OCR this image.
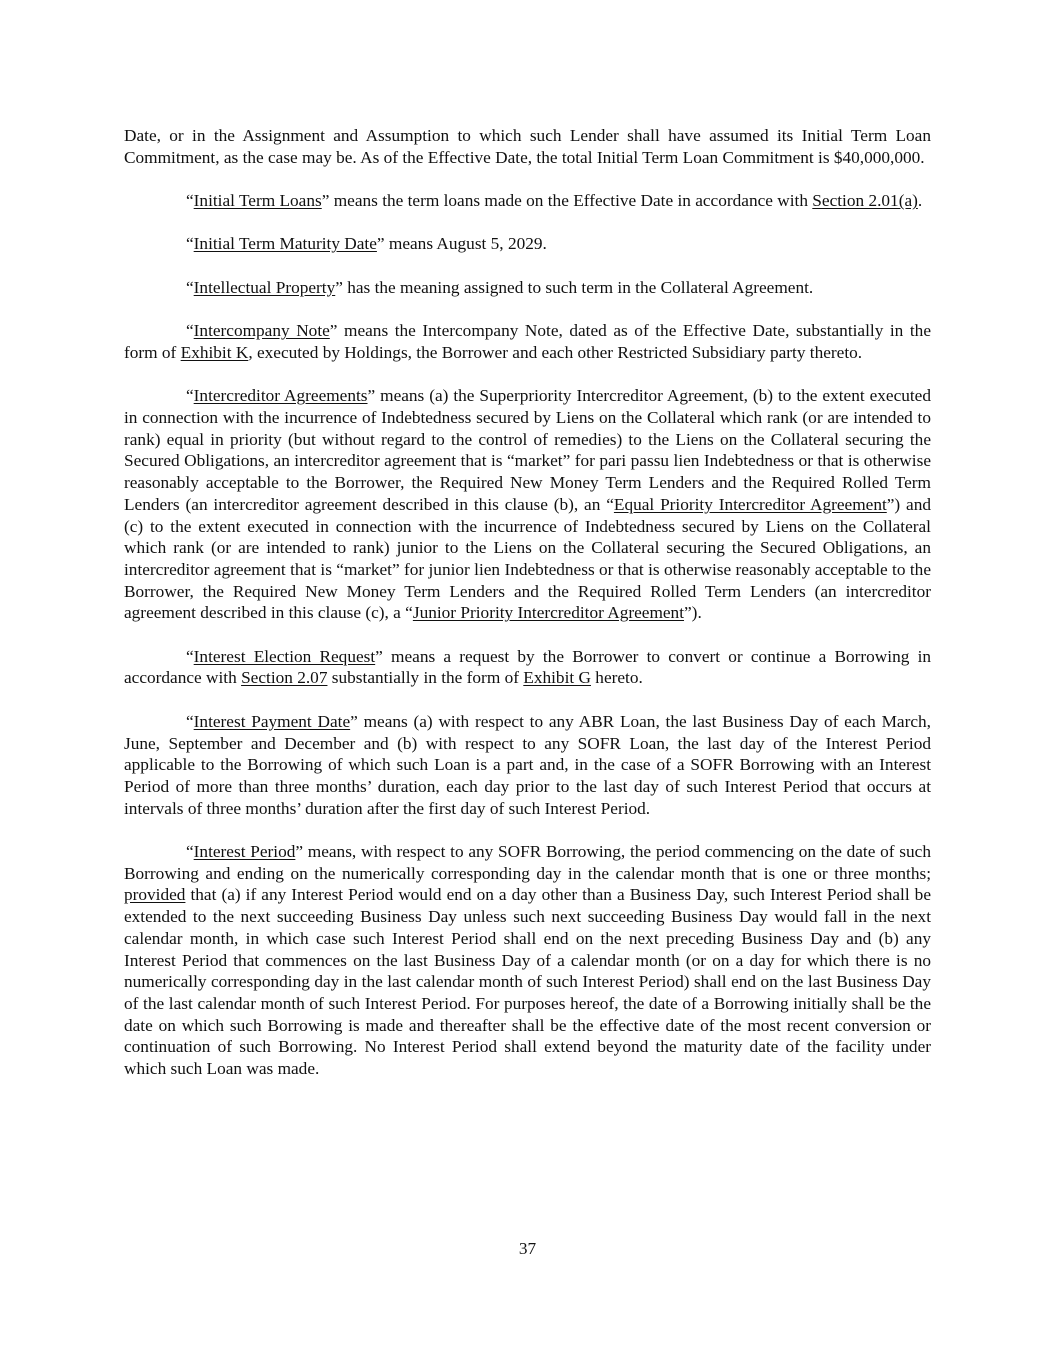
Date, or in the Assignment and Assumption to which such Lender shall have assumed its Initial Term Loan Commitment, as the case may be. As of the Effective Date, the total Initial Term Loan Commitment is $40,000,000.

“Initial Term Loans” means the term loans made on the Effective Date in accordance with Section 2.01(a).

“Initial Term Maturity Date” means August 5, 2029.

“Intellectual Property” has the meaning assigned to such term in the Collateral Agreement.

“Intercompany Note” means the Intercompany Note, dated as of the Effective Date, substantially in the form of Exhibit K, executed by Holdings, the Borrower and each other Restricted Subsidiary party thereto.

“Intercreditor Agreements” means (a) the Superpriority Intercreditor Agreement, (b) to the extent executed in connection with the incurrence of Indebtedness secured by Liens on the Collateral which rank (or are intended to rank) equal in priority (but without regard to the control of remedies) to the Liens on the Collateral securing the Secured Obligations, an intercreditor agreement that is “market” for pari passu lien Indebtedness or that is otherwise reasonably acceptable to the Borrower, the Required New Money Term Lenders and the Required Rolled Term Lenders (an intercreditor agreement described in this clause (b), an “Equal Priority Intercreditor Agreement”) and (c) to the extent executed in connection with the incurrence of Indebtedness secured by Liens on the Collateral which rank (or are intended to rank) junior to the Liens on the Collateral securing the Secured Obligations, an intercreditor agreement that is “market” for junior lien Indebtedness or that is otherwise reasonably acceptable to the Borrower, the Required New Money Term Lenders and the Required Rolled Term Lenders (an intercreditor agreement described in this clause (c), a “Junior Priority Intercreditor Agreement”).

“Interest Election Request” means a request by the Borrower to convert or continue a Borrowing in accordance with Section 2.07 substantially in the form of Exhibit G hereto.

“Interest Payment Date” means (a) with respect to any ABR Loan, the last Business Day of each March, June, September and December and (b) with respect to any SOFR Loan, the last day of the Interest Period applicable to the Borrowing of which such Loan is a part and, in the case of a SOFR Borrowing with an Interest Period of more than three months’ duration, each day prior to the last day of such Interest Period that occurs at intervals of three months’ duration after the first day of such Interest Period.

“Interest Period” means, with respect to any SOFR Borrowing, the period commencing on the date of such Borrowing and ending on the numerically corresponding day in the calendar month that is one or three months; provided that (a) if any Interest Period would end on a day other than a Business Day, such Interest Period shall be extended to the next succeeding Business Day unless such next succeeding Business Day would fall in the next calendar month, in which case such Interest Period shall end on the next preceding Business Day and (b) any Interest Period that commences on the last Business Day of a calendar month (or on a day for which there is no numerically corresponding day in the last calendar month of such Interest Period) shall end on the last Business Day of the last calendar month of such Interest Period. For purposes hereof, the date of a Borrowing initially shall be the date on which such Borrowing is made and thereafter shall be the effective date of the most recent conversion or continuation of such Borrowing. No Interest Period shall extend beyond the maturity date of the facility under which such Loan was made.

37
